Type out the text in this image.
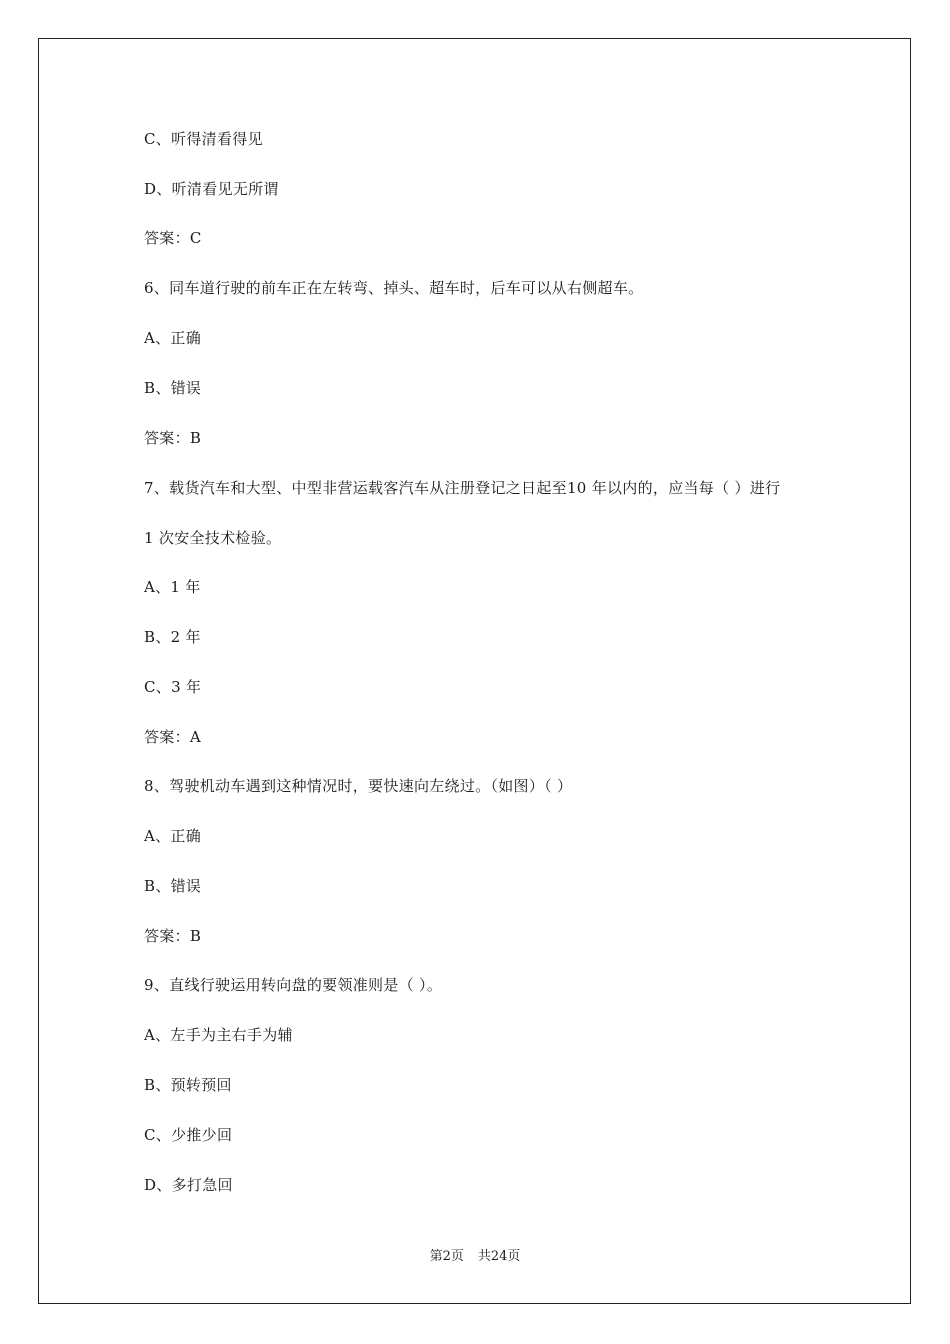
C、听得清看得见
D、听清看见无所谓
答案：C
6、同车道行驶的前车正在左转弯、掉头、超车时，后车可以从右侧超车。
A、正确
B、错误
答案：B
7、载货汽车和大型、中型非营运载客汽车从注册登记之日起至10 年以内的，应当每（ ）进行
1 次安全技术检验。
A、1 年
B、2 年
C、3 年
答案：A
8、驾驶机动车遇到这种情况时，要快速向左绕过。（如图）（ ）
A、正确
B、错误
答案：B
9、直线行驶运用转向盘的要领准则是（ ）。
A、左手为主右手为辅
B、预转预回
C、少推少回
D、多打急回
第2页 共24页
